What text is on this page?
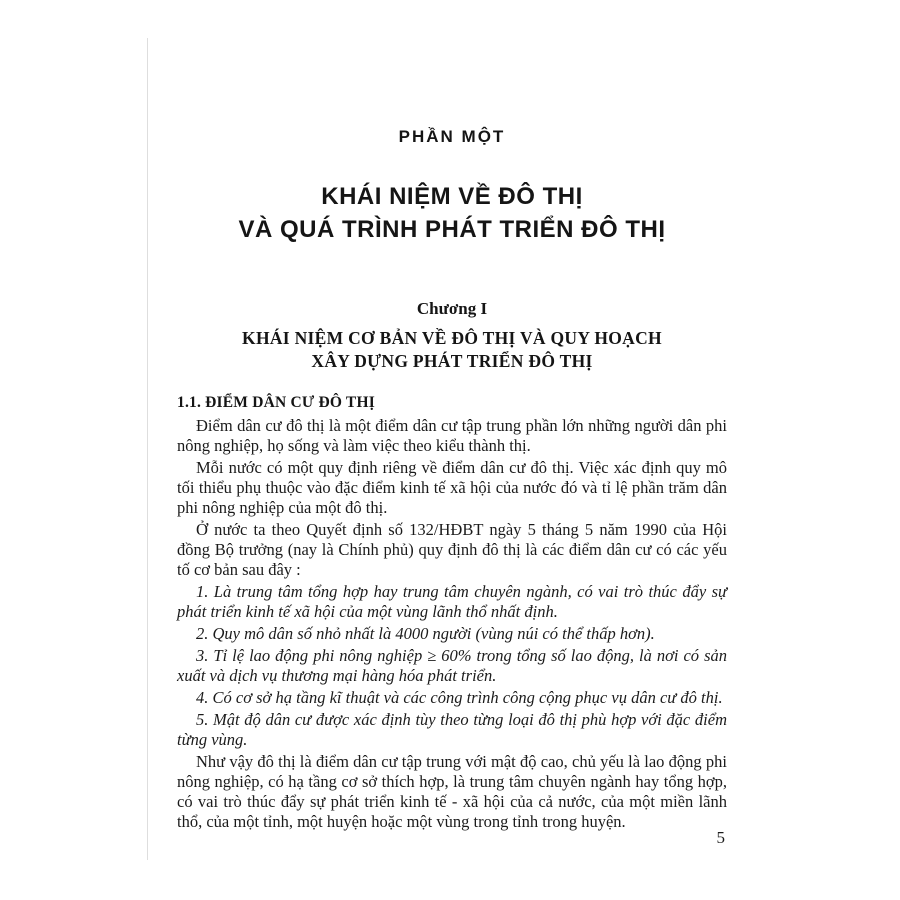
PHẦN MỘT
KHÁI NIỆM VỀ ĐÔ THỊ
VÀ QUÁ TRÌNH PHÁT TRIỂN ĐÔ THỊ
Chương I
KHÁI NIỆM CƠ BẢN VỀ ĐÔ THỊ VÀ QUY HOẠCH
XÂY DỰNG PHÁT TRIỂN ĐÔ THỊ
1.1. ĐIỂM DÂN CƯ ĐÔ THỊ

Điểm dân cư đô thị là một điểm dân cư tập trung phần lớn những người dân phi nông nghiệp, họ sống và làm việc theo kiểu thành thị.

Mỗi nước có một quy định riêng về điểm dân cư đô thị. Việc xác định quy mô tối thiểu phụ thuộc vào đặc điểm kinh tế xã hội của nước đó và tỉ lệ phần trăm dân phi nông nghiệp của một đô thị.

Ở nước ta theo Quyết định số 132/HĐBT ngày 5 tháng 5 năm 1990 của Hội đồng Bộ trưởng (nay là Chính phủ) quy định đô thị là các điểm dân cư có các yếu tố cơ bản sau đây :

1. Là trung tâm tổng hợp hay trung tâm chuyên ngành, có vai trò thúc đẩy sự phát triển kinh tế xã hội của một vùng lãnh thổ nhất định.

2. Quy mô dân số nhỏ nhất là 4000 người (vùng núi có thể thấp hơn).

3. Tỉ lệ lao động phi nông nghiệp ≥ 60% trong tổng số lao động, là nơi có sản xuất và dịch vụ thương mại hàng hóa phát triển.

4. Có cơ sở hạ tầng kĩ thuật và các công trình công cộng phục vụ dân cư đô thị.

5. Mật độ dân cư được xác định tùy theo từng loại đô thị phù hợp với đặc điểm từng vùng.

Như vậy đô thị là điểm dân cư tập trung với mật độ cao, chủ yếu là lao động phi nông nghiệp, có hạ tầng cơ sở thích hợp, là trung tâm chuyên ngành hay tổng hợp, có vai trò thúc đẩy sự phát triển kinh tế - xã hội của cả nước, của một miền lãnh thổ, của một tỉnh, một huyện hoặc một vùng trong tỉnh trong huyện.

5
